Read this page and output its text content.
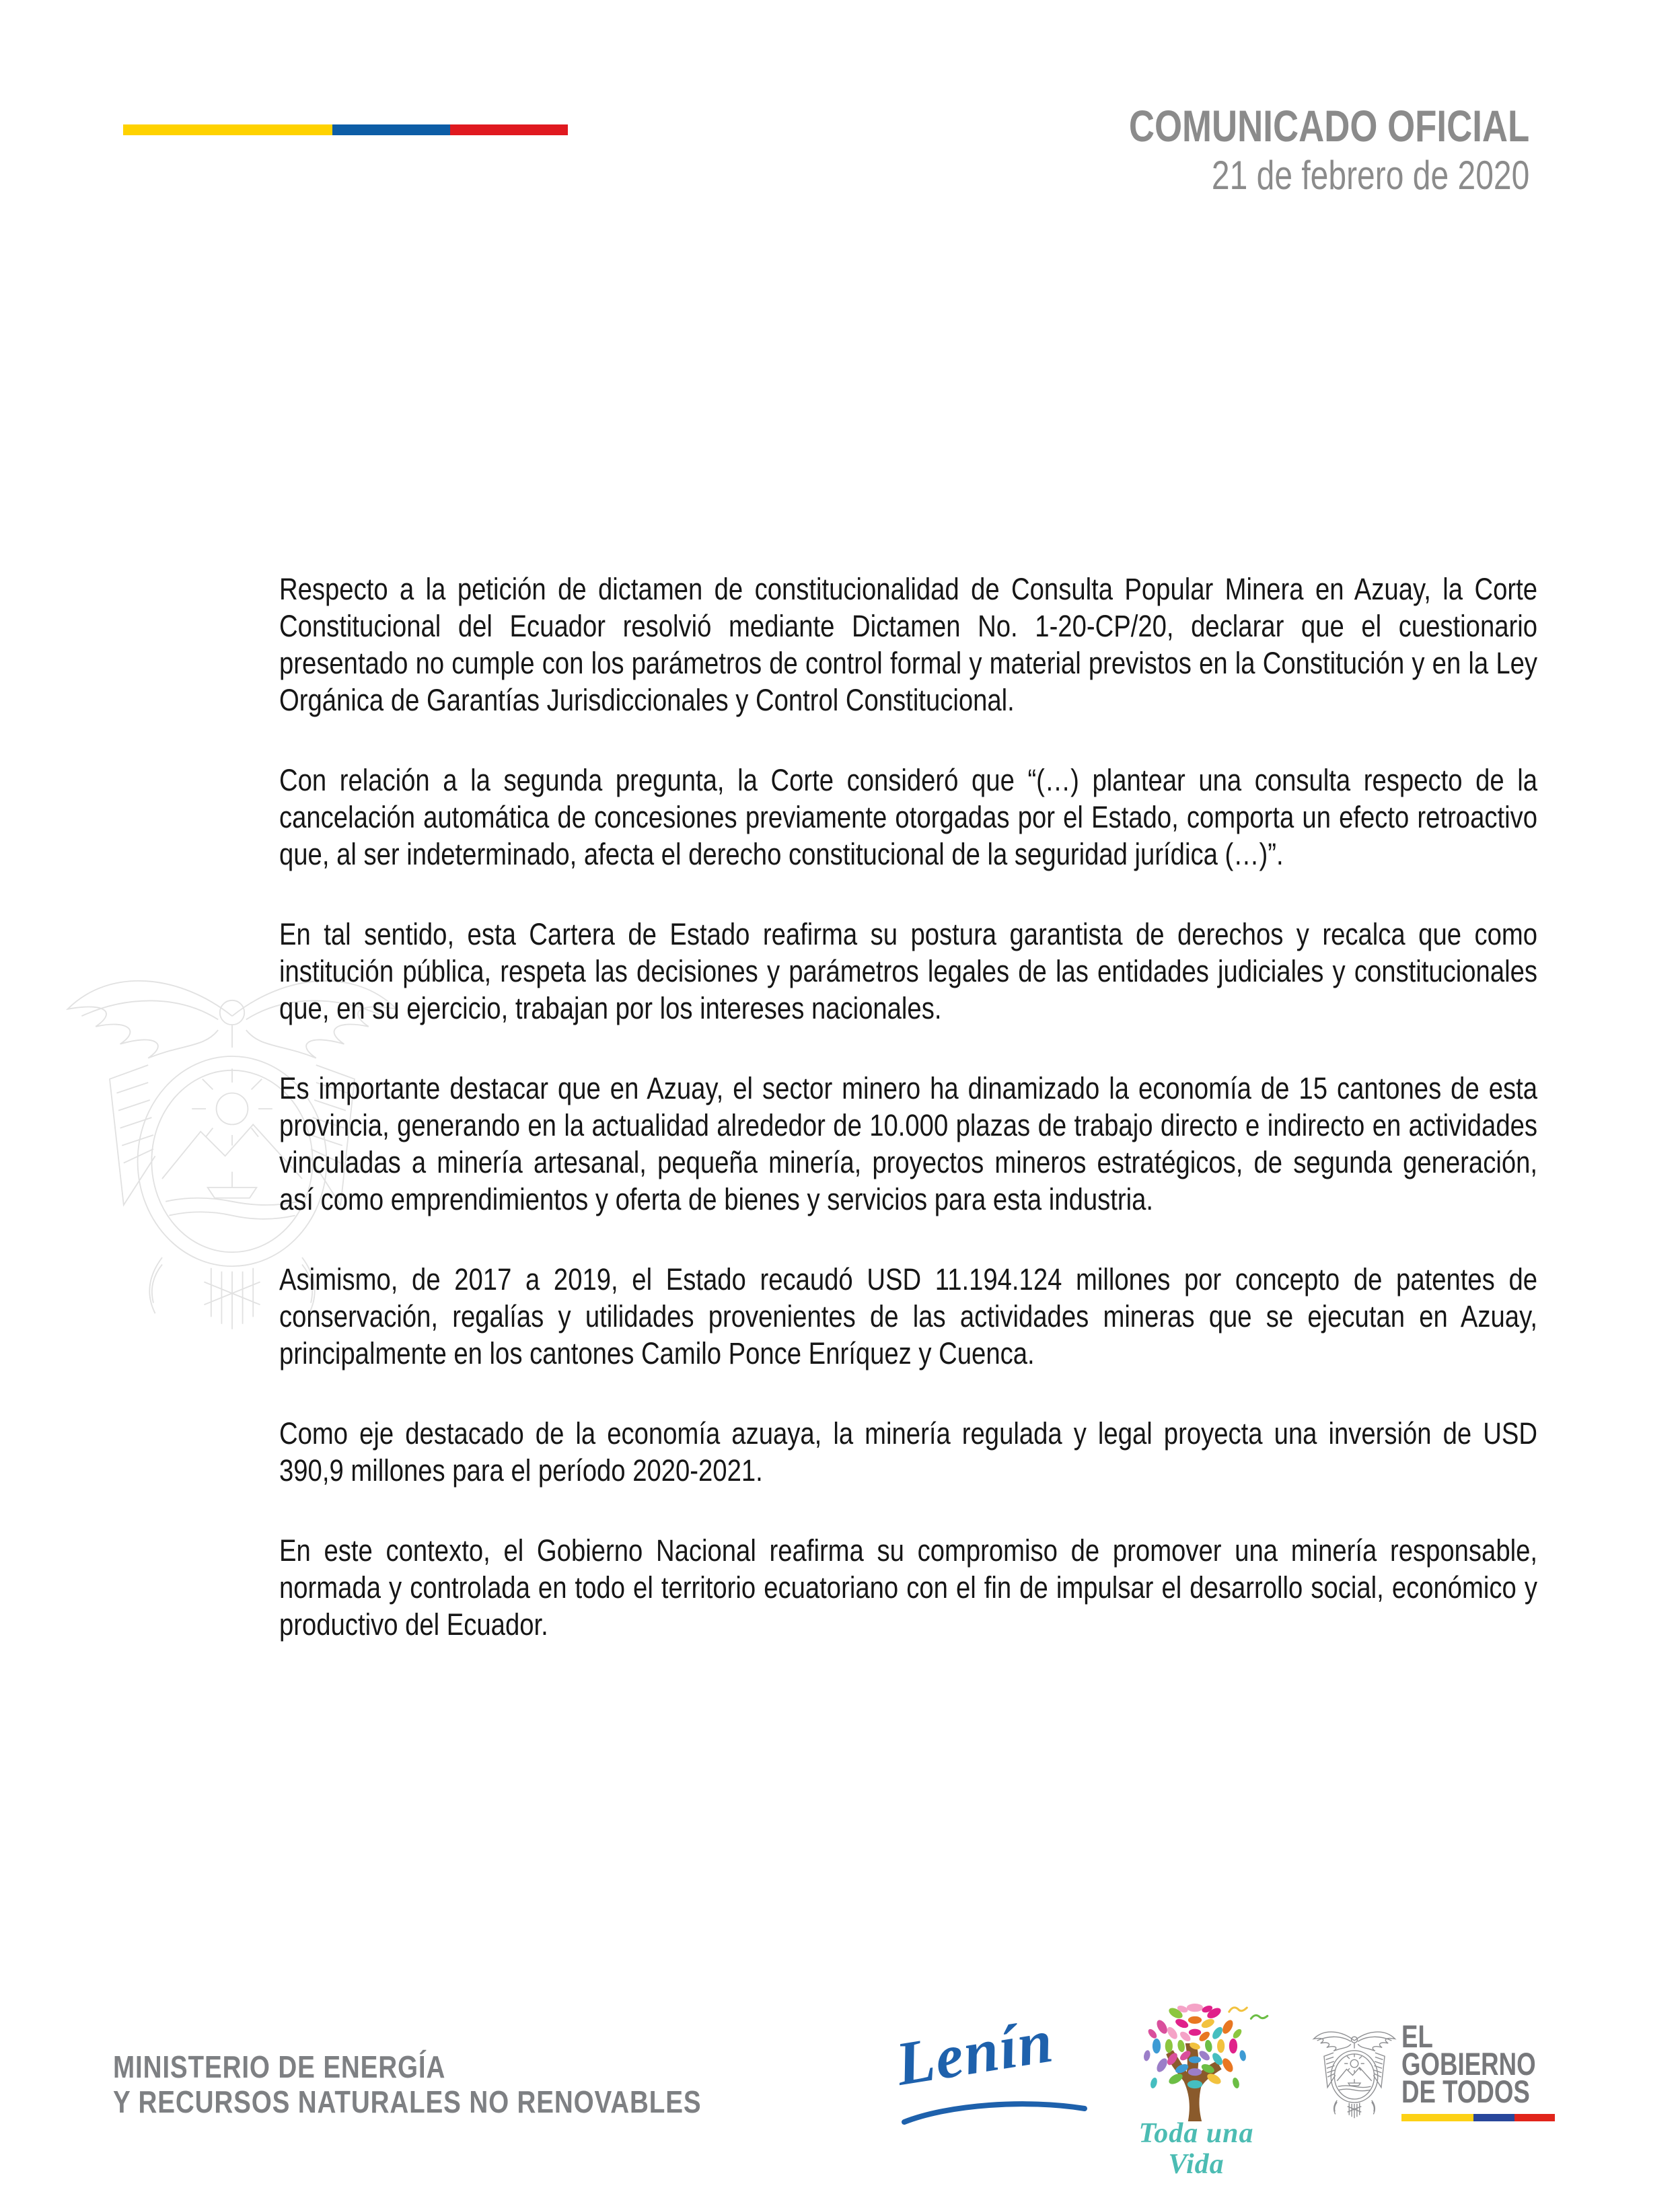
COMUNICADO OFICIAL
21 de febrero de 2020

Respecto a la petición de dictamen de constitucionalidad de Consulta Popular Minera en Azuay, la Corte Constitucional del Ecuador resolvió mediante Dictamen No. 1-20-CP/20, declarar que el cuestionario presentado no cumple con los parámetros de control formal y material previstos en la Constitución y en la Ley Orgánica de Garantías Jurisdiccionales y Control Constitucional.

Con relación a la segunda pregunta, la Corte consideró que “(…) plantear una consulta respecto de la cancelación automática de concesiones previamente otorgadas por el Estado, comporta un efecto retroactivo que, al ser indeterminado, afecta el derecho constitucional de la seguridad jurídica (…)”.

En tal sentido, esta Cartera de Estado reafirma su postura garantista de derechos y recalca que como institución pública, respeta las decisiones y parámetros legales de las entidades judiciales y constitucionales que, en su ejercicio, trabajan por los intereses nacionales.

Es importante destacar que en Azuay, el sector minero ha dinamizado la economía de 15 cantones de esta provincia, generando en la actualidad alrededor de 10.000 plazas de trabajo directo e indirecto en actividades vinculadas a minería artesanal, pequeña minería, proyectos mineros estratégicos, de segunda generación, así como emprendimientos y oferta de bienes y servicios para esta industria.

Asimismo, de 2017 a 2019, el Estado recaudó USD 11.194.124 millones por concepto de patentes de conservación, regalías y utilidades provenientes de las actividades mineras que se ejecutan en Azuay, principalmente en los cantones Camilo Ponce Enríquez y Cuenca.

Como eje destacado de la economía azuaya, la minería regulada y legal proyecta una inversión de USD 390,9 millones para el período 2020-2021.

En este contexto, el Gobierno Nacional reafirma su compromiso de promover una minería responsable, normada y controlada en todo el territorio ecuatoriano con el fin de impulsar el desarrollo social, económico y productivo del Ecuador.

MINISTERIO DE ENERGÍA
Y RECURSOS NATURALES NO RENOVABLES
Lenín
Toda una Vida
EL
GOBIERNO
DE TODOS
